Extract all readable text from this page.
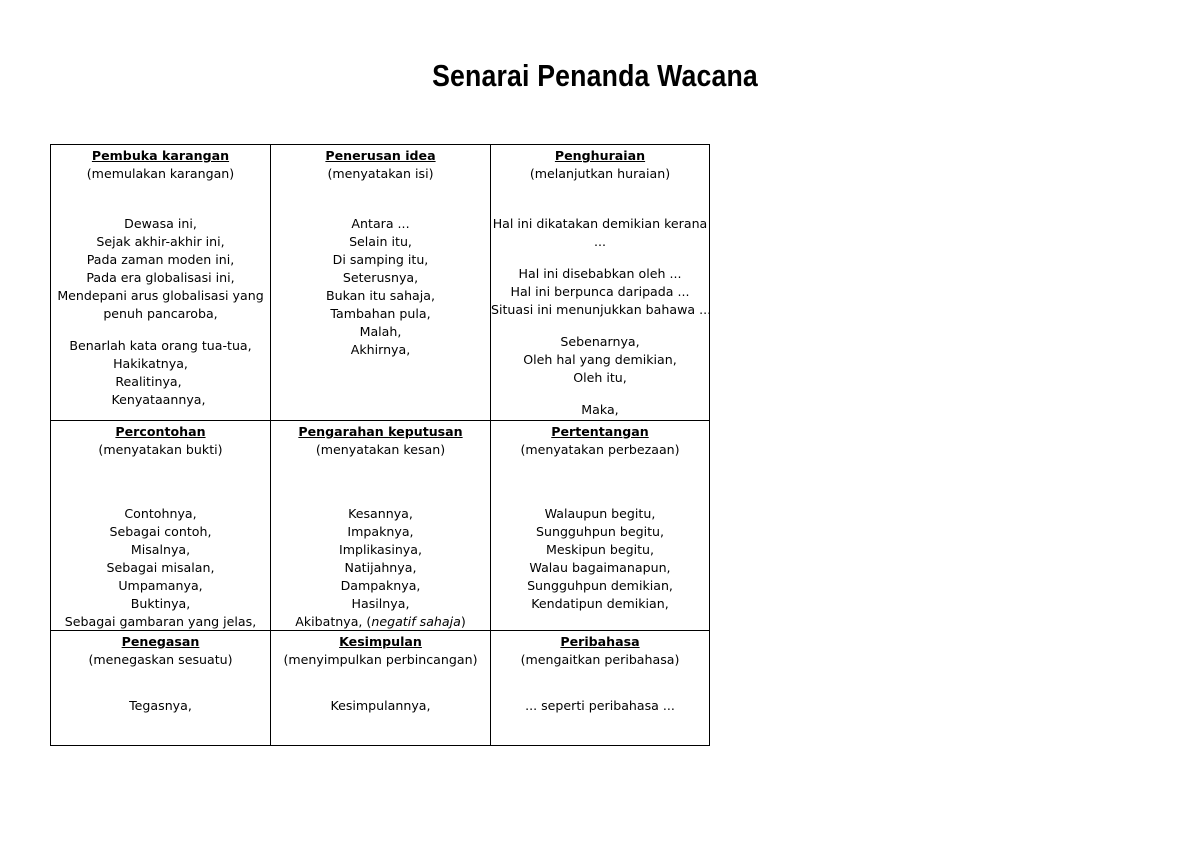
Senarai Penanda Wacana
Pembuka karangan
(memulakan karangan)
Dewasa ini,
Sejak akhir-akhir ini,
Pada zaman moden ini,
Pada era globalisasi ini,
Mendepani arus globalisasi yang
penuh pancaroba,
Benarlah kata orang tua-tua,
Hakikatnya,
Realitinya,
Kenyataannya,
Penerusan idea
(menyatakan isi)
Antara ...
Selain itu,
Di samping itu,
Seterusnya,
Bukan itu sahaja,
Tambahan pula,
Malah,
Akhirnya,
Penghuraian
(melanjutkan huraian)
Hal ini dikatakan demikian kerana
...
Hal ini disebabkan oleh ...
Hal ini berpunca daripada ...
Situasi ini menunjukkan bahawa ...
Sebenarnya,
Oleh hal yang demikian,
Oleh itu,
Maka,
Percontohan
(menyatakan bukti)
Contohnya,
Sebagai contoh,
Misalnya,
Sebagai misalan,
Umpamanya,
Buktinya,
Sebagai gambaran yang jelas,
Pengarahan keputusan
(menyatakan kesan)
Kesannya,
Impaknya,
Implikasinya,
Natijahnya,
Dampaknya,
Hasilnya,
Akibatnya, (negatif sahaja)
Pertentangan
(menyatakan perbezaan)
Walaupun begitu,
Sungguhpun begitu,
Meskipun begitu,
Walau bagaimanapun,
Sungguhpun demikian,
Kendatipun demikian,
Penegasan
(menegaskan sesuatu)
Tegasnya,
Kesimpulan
(menyimpulkan perbincangan)
Kesimpulannya,
Peribahasa
(mengaitkan peribahasa)
... seperti peribahasa ...
